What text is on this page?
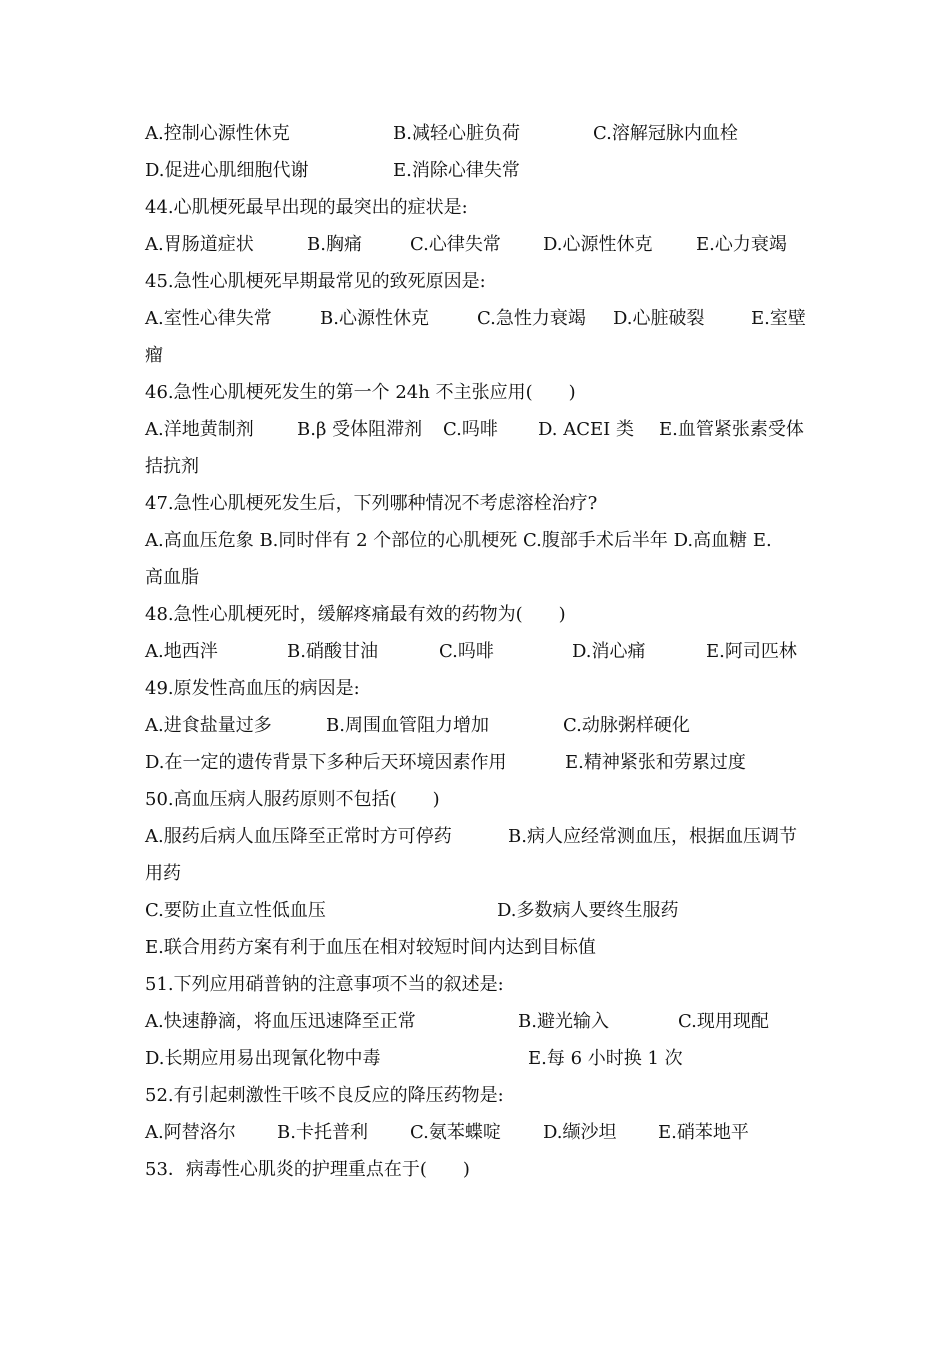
A.控制心源性休克	B.减轻心脏负荷	C.溶解冠脉内血栓
D.促进心肌细胞代谢	E.消除心律失常
44.心肌梗死最早出现的最突出的症状是:
A.胃肠道症状	B.胸痛	C.心律失常 D.心源性休克 E.心力衰竭
45.急性心肌梗死早期最常见的致死原因是:
A.室性心律失常	B.心源性休克	C.急性力衰竭 D.心脏破裂	E.室壁
瘤
46.急性心肌梗死发生的第一个 24h 不主张应用(　　)
A.洋地黄制剂 B.β 受体阻滞剂 C.吗啡 D. ACEI 类 E.血管紧张素受体
拮抗剂
47.急性心肌梗死发生后，下列哪种情况不考虑溶栓治疗?
A.高血压危象 B.同时伴有 2 个部位的心肌梗死 C.腹部手术后半年 D.高血糖 E.
高血脂
48.急性心肌梗死时，缓解疼痛最有效的药物为(　　)
A.地西泮	B.硝酸甘油	C.吗啡	D.消心痛	E.阿司匹林
49.原发性高血压的病因是:
A.进食盐量过多	B.周围血管阻力增加	C.动脉粥样硬化
D.在一定的遗传背景下多种后天环境因素作用	E.精神紧张和劳累过度
50.高血压病人服药原则不包括(　　)
A.服药后病人血压降至正常时方可停药	B.病人应经常测血压，根据血压调节
用药
C.要防止直立性低血压	D.多数病人要终生服药
E.联合用药方案有利于血压在相对较短时间内达到目标值
51.下列应用硝普钠的注意事项不当的叙述是:
A.快速静滴，将血压迅速降至正常	B.避光输入	C.现用现配
D.长期应用易出现氰化物中毒	E.每 6 小时换 1 次
52.有引起刺激性干咳不良反应的降压药物是:
A.阿替洛尔 B.卡托普利 C.氨苯蝶啶 D.缬沙坦 E.硝苯地平
53．病毒性心肌炎的护理重点在于(　　)
